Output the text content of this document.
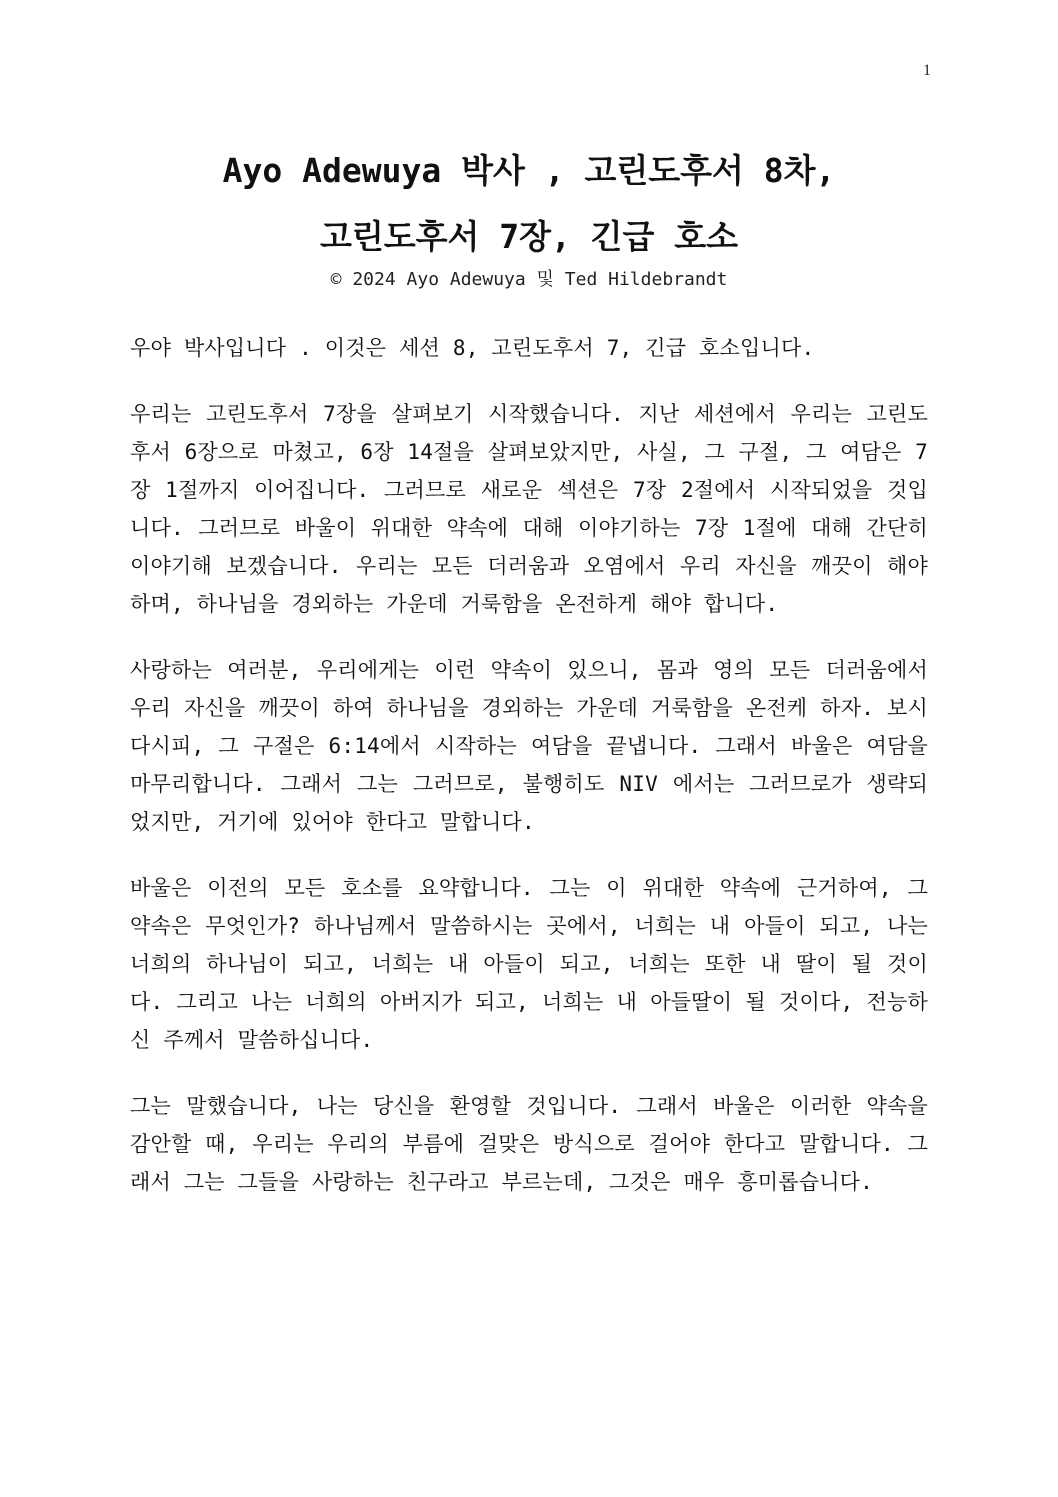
1
Ayo Adewuya 박사 , 고린도후서 8차,
고린도후서 7장, 긴급 호소
© 2024 Ayo Adewuya 및 Ted Hildebrandt

우야 박사입니다 . 이것은 세션 8, 고린도후서 7, 긴급 호소입니다.

우리는 고린도후서 7장을 살펴보기 시작했습니다. 지난 세션에서 우리는 고린도후서 6장으로 마쳤고, 6장 14절을 살펴보았지만, 사실, 그 구절, 그 여담은 7장 1절까지 이어집니다. 그러므로 새로운 섹션은 7장 2절에서 시작되었을 것입니다. 그러므로 바울이 위대한 약속에 대해 이야기하는 7장 1절에 대해 간단히 이야기해 보겠습니다. 우리는 모든 더러움과 오염에서 우리 자신을 깨끗이 해야 하며, 하나님을 경외하는 가운데 거룩함을 온전하게 해야 합니다.

사랑하는 여러분, 우리에게는 이런 약속이 있으니, 몸과 영의 모든 더러움에서 우리 자신을 깨끗이 하여 하나님을 경외하는 가운데 거룩함을 온전케 하자. 보시다시피, 그 구절은 6:14에서 시작하는 여담을 끝냅니다. 그래서 바울은 여담을 마무리합니다. 그래서 그는 그러므로, 불행히도 NIV 에서는 그러므로가 생략되었지만, 거기에 있어야 한다고 말합니다.

바울은 이전의 모든 호소를 요약합니다. 그는 이 위대한 약속에 근거하여, 그 약속은 무엇인가? 하나님께서 말씀하시는 곳에서, 너희는 내 아들이 되고, 나는 너희의 하나님이 되고, 너희는 내 아들이 되고, 너희는 또한 내 딸이 될 것이다. 그리고 나는 너희의 아버지가 되고, 너희는 내 아들딸이 될 것이다, 전능하신 주께서 말씀하십니다.

그는 말했습니다, 나는 당신을 환영할 것입니다. 그래서 바울은 이러한 약속을 감안할 때, 우리는 우리의 부름에 걸맞은 방식으로 걸어야 한다고 말합니다. 그래서 그는 그들을 사랑하는 친구라고 부르는데, 그것은 매우 흥미롭습니다.
